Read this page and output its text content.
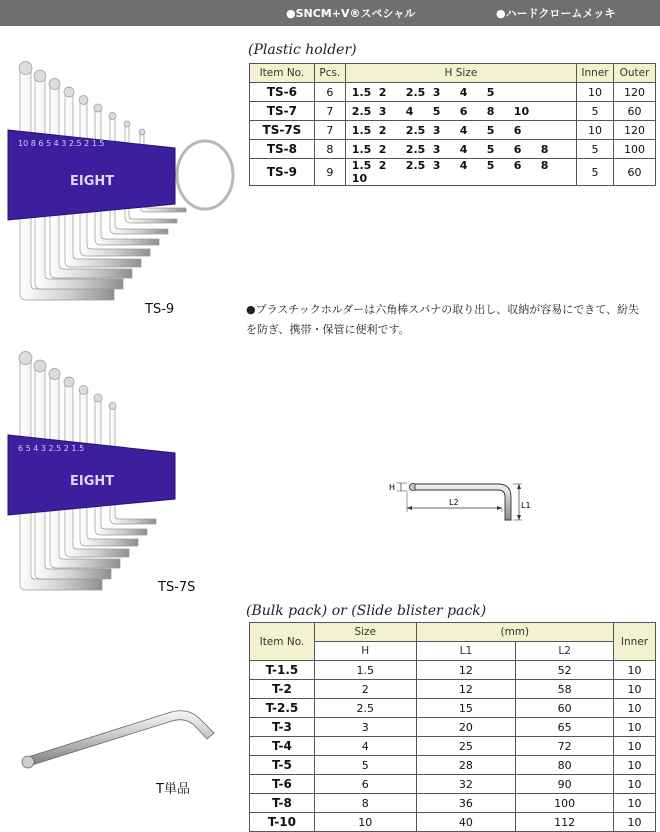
●SNCM+V®スペシャル	●ハードクロームメッキ
(Plastic holder)
Item No.	Pcs.	H Size	Inner	Outer
TS-6	6	1.5 2 2.5 3 4 5	10	120
TS-7	7	2.5 3 4 5 6 8 10	5	60
TS-7S	7	1.5 2 2.5 3 4 5 6	10	120
TS-8	8	1.5 2 2.5 3 4 5 6 8	5	100
TS-9	9	1.5 2 2.5 3 4 5 6 810	5	60
10 8 6 5 4 3 2.5 2 1.5
EIGHT
TS-9	●プラスチックホルダーは六角棒スパナの取り出し、収納が容易にできて、紛失を防ぎ、携帯・保管に便利です。
6 5 4 3 2.5 2 1.5
EIGHT
TS-7S
H
L2	L1
(Bulk pack) or (Slide blister pack)
Item No.	Size	(mm)		Inner
	H	L1	L2	
T-1.5	1.5	12	52	10
T-2	2	12	58	10
T-2.5	2.5	15	60	10
T-3	3	20	65	10
T-4	4	25	72	10
T-5	5	28	80	10
T-6	6	32	90	10
T-8	8	36	100	10
T-10	10	40	112	10
T単品
